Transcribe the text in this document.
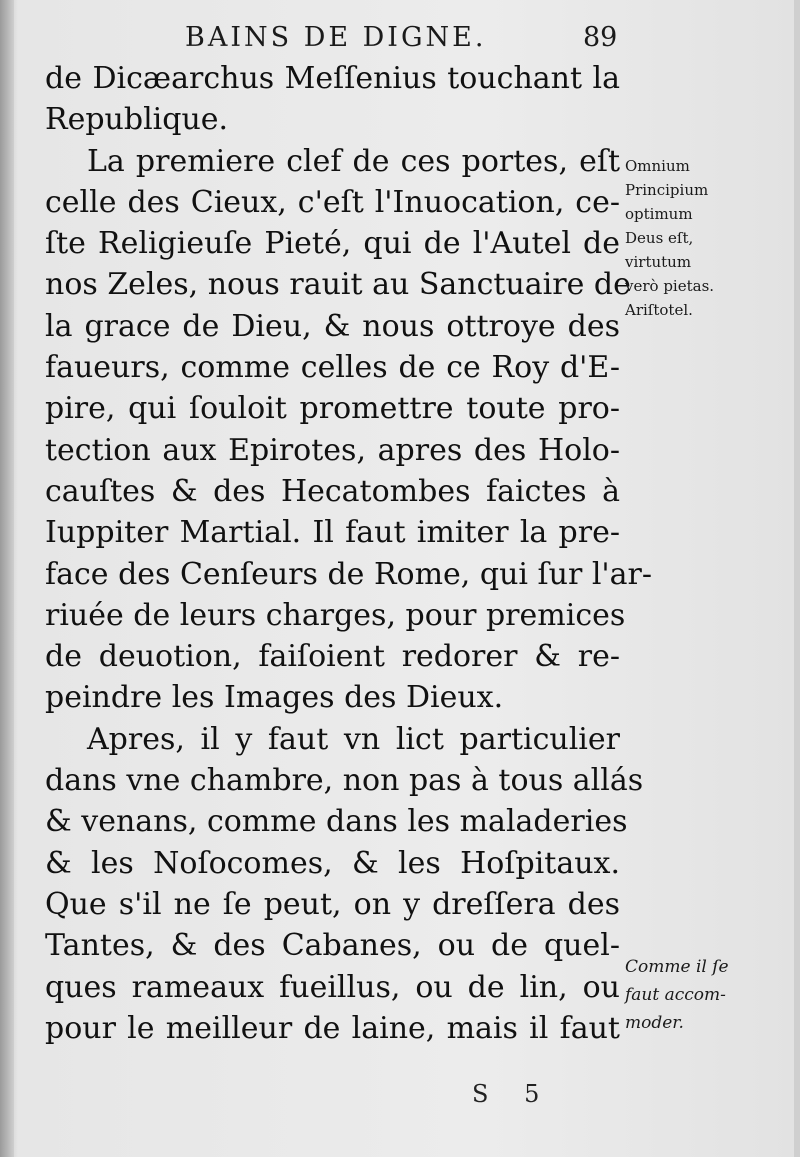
BAINS DE DIGNE.	89
de Dicæarchus Meſſenius touchant la
Republique.
La premiere clef de ces portes, eſt
celle des Cieux, c'eſt l'Inuocation, ce-
ſte Religieuſe Pieté, qui de l'Autel de
nos Zeles, nous rauit au Sanctuaire de
la grace de Dieu, & nous ottroye des
faueurs, comme celles de ce Roy d'E-
pire, qui ſouloit promettre toute pro-
tection aux Epirotes, apres des Holo-
cauſtes & des Hecatombes faictes à
Iuppiter Martial. Il faut imiter la pre-
face des Cenſeurs de Rome, qui ſur l'ar-
riuée de leurs charges, pour premices
de deuotion, faiſoient redorer & re-
peindre les Images des Dieux.
Apres, il y faut vn lict particulier
dans vne chambre, non pas à tous allás
& venans, comme dans les maladeries
& les Noſocomes, & les Hoſpitaux.
Que s'il ne ſe peut, on y dreſſera des
Tantes, & des Cabanes, ou de quel-
ques rameaux fueillus, ou de lin, ou
pour le meilleur de laine, mais il faut
Omnium
Principium
optimum
Deus eſt,
virtutum
verò pietas.
Ariſtotel.
Comme il ſe
faut accom-
moder.
S 5
